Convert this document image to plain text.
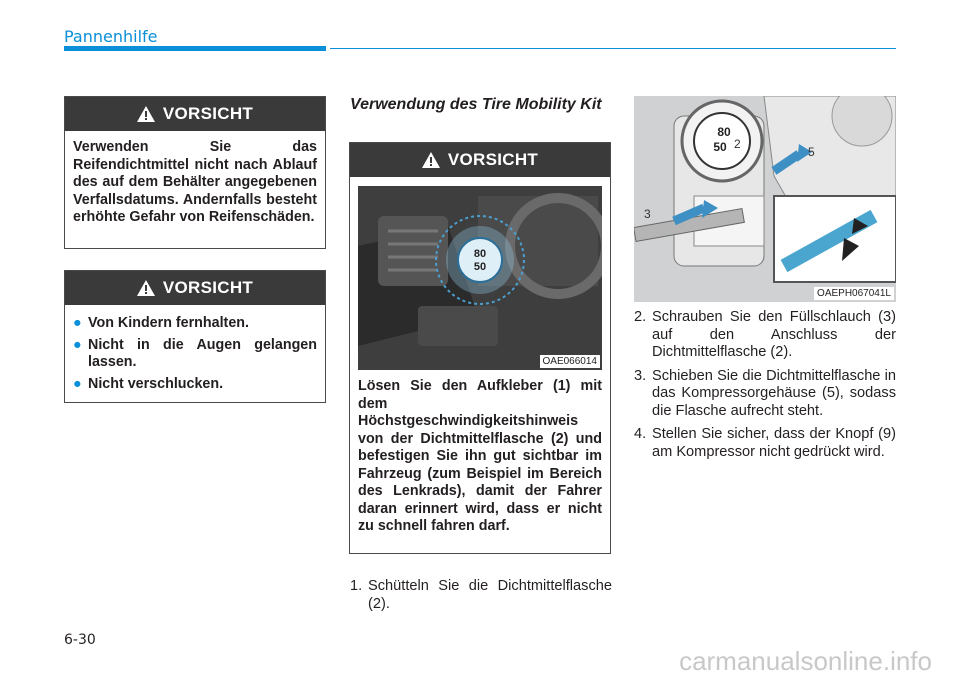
Pannenhilfe
VORSICHT
Verwenden Sie das Reifendichtmittel nicht nach Ablauf des auf dem Behälter angegebenen Verfallsdatums. Andernfalls besteht erhöhte Gefahr von Reifenschäden.
VORSICHT
● Von Kindern fernhalten.
● Nicht in die Augen gelangen lassen.
● Nicht verschlucken.
Verwendung des Tire Mobility Kit
VORSICHT
80
50
OAE066014
Lösen Sie den Aufkleber (1) mit dem Höchstgeschwindigkeitshinweis von der Dichtmittelflasche (2) und befestigen Sie ihn gut sichtbar im Fahrzeug (zum Beispiel im Bereich des Lenkrads), damit der Fahrer daran erinnert wird, dass er nicht zu schnell fahren darf.
1. Schütteln Sie die Dichtmittelflasche (2).
80
50 2
5
3
OAEPH067041L
2. Schrauben Sie den Füllschlauch (3) auf den Anschluss der Dichtmittelflasche (2).
3. Schieben Sie die Dichtmittelflasche in das Kompressorgehäuse (5), sodass die Flasche aufrecht steht.
4. Stellen Sie sicher, dass der Knopf (9) am Kompressor nicht gedrückt wird.
6-30
carmanualsonline.info
